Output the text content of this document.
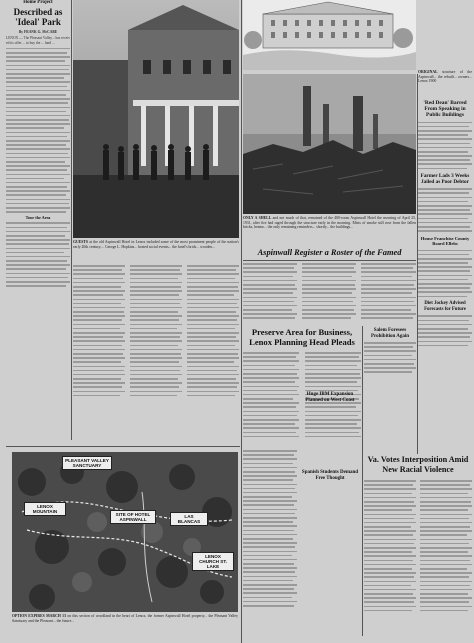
Home Project
Described as 'Ideal' Park
By FRANK G. McCABE
LENOX — The Pleasant Valley... has received its offer ... to buy the ... land ...
Tour the Area
GUESTS at the old Aspinwall Hotel in Lenox included some of the most prominent people of the nation's early 20th century.... George L. Hopkins... hosted social events... the hotel's brick... wooden...
ORIGINAL structure of the Aspinwall... the rebuilt... owners... Lenox 1900
ONLY A SHELL and not much of that, remained of the 400-room Aspinwall Hotel the morning of April 25, 1931, after fire had raged through the structure early in the morning. Mists of smoke still rose from the fallen bricks, beams... the only remaining reminders... shortly... the buildings...
Aspinwall Register a Roster of the Famed
Preserve Area for Business, Lenox Planning Head Pleads
Salem Foresees Prohibition Again
Huge IBM Expansion Planned on West Coast
Spanish Students Demand Free Thought
Va. Votes Interposition Amid New Racial Violence
'Red Dean' Barred From Speaking in Public Buildings
Farmer Lads 3 Weeks Jailed as Poor Debtor
House Franchise County Board Ellebs
Diet Jockey Advised Forecasts for Future
PLEASANT VALLEY SANCTUARY
LENOX MOUNTAIN
SITE OF HOTEL ASPINWALL
LAS BLANCAS
LENOX CHURCH ST. LAKE
OPTION EXPIRES MARCH 13 on this section of woodland in the heart of Lenox, the former Aspinwall Hotel property... the Pleasant Valley Sanctuary and the Pleasant... the future...
